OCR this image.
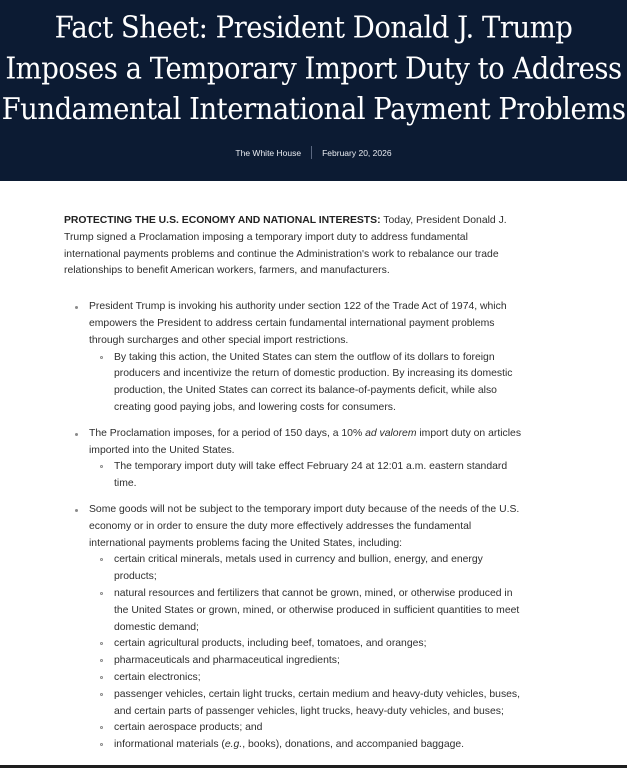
Fact Sheet: President Donald J. Trump
Imposes a Temporary Import Duty to Address
Fundamental International Payment Problems
The White House February 20, 2026

PROTECTING THE U.S. ECONOMY AND NATIONAL INTERESTS: Today, President Donald J. Trump signed a Proclamation imposing a temporary import duty to address fundamental international payments problems and continue the Administration's work to rebalance our trade relationships to benefit American workers, farmers, and manufacturers.

President Trump is invoking his authority under section 122 of the Trade Act of 1974, which empowers the President to address certain fundamental international payment problems through surcharges and other special import restrictions.
By taking this action, the United States can stem the outflow of its dollars to foreign producers and incentivize the return of domestic production. By increasing its domestic production, the United States can correct its balance-of-payments deficit, while also creating good paying jobs, and lowering costs for consumers.
The Proclamation imposes, for a period of 150 days, a 10% ad valorem import duty on articles imported into the United States.
The temporary import duty will take effect February 24 at 12:01 a.m. eastern standard time.
Some goods will not be subject to the temporary import duty because of the needs of the U.S. economy or in order to ensure the duty more effectively addresses the fundamental international payments problems facing the United States, including:
certain critical minerals, metals used in currency and bullion, energy, and energy products;
natural resources and fertilizers that cannot be grown, mined, or otherwise produced in the United States or grown, mined, or otherwise produced in sufficient quantities to meet domestic demand;
certain agricultural products, including beef, tomatoes, and oranges;
pharmaceuticals and pharmaceutical ingredients;
certain electronics;
passenger vehicles, certain light trucks, certain medium and heavy-duty vehicles, buses, and certain parts of passenger vehicles, light trucks, heavy-duty vehicles, and buses;
certain aerospace products; and
informational materials (e.g., books), donations, and accompanied baggage.
